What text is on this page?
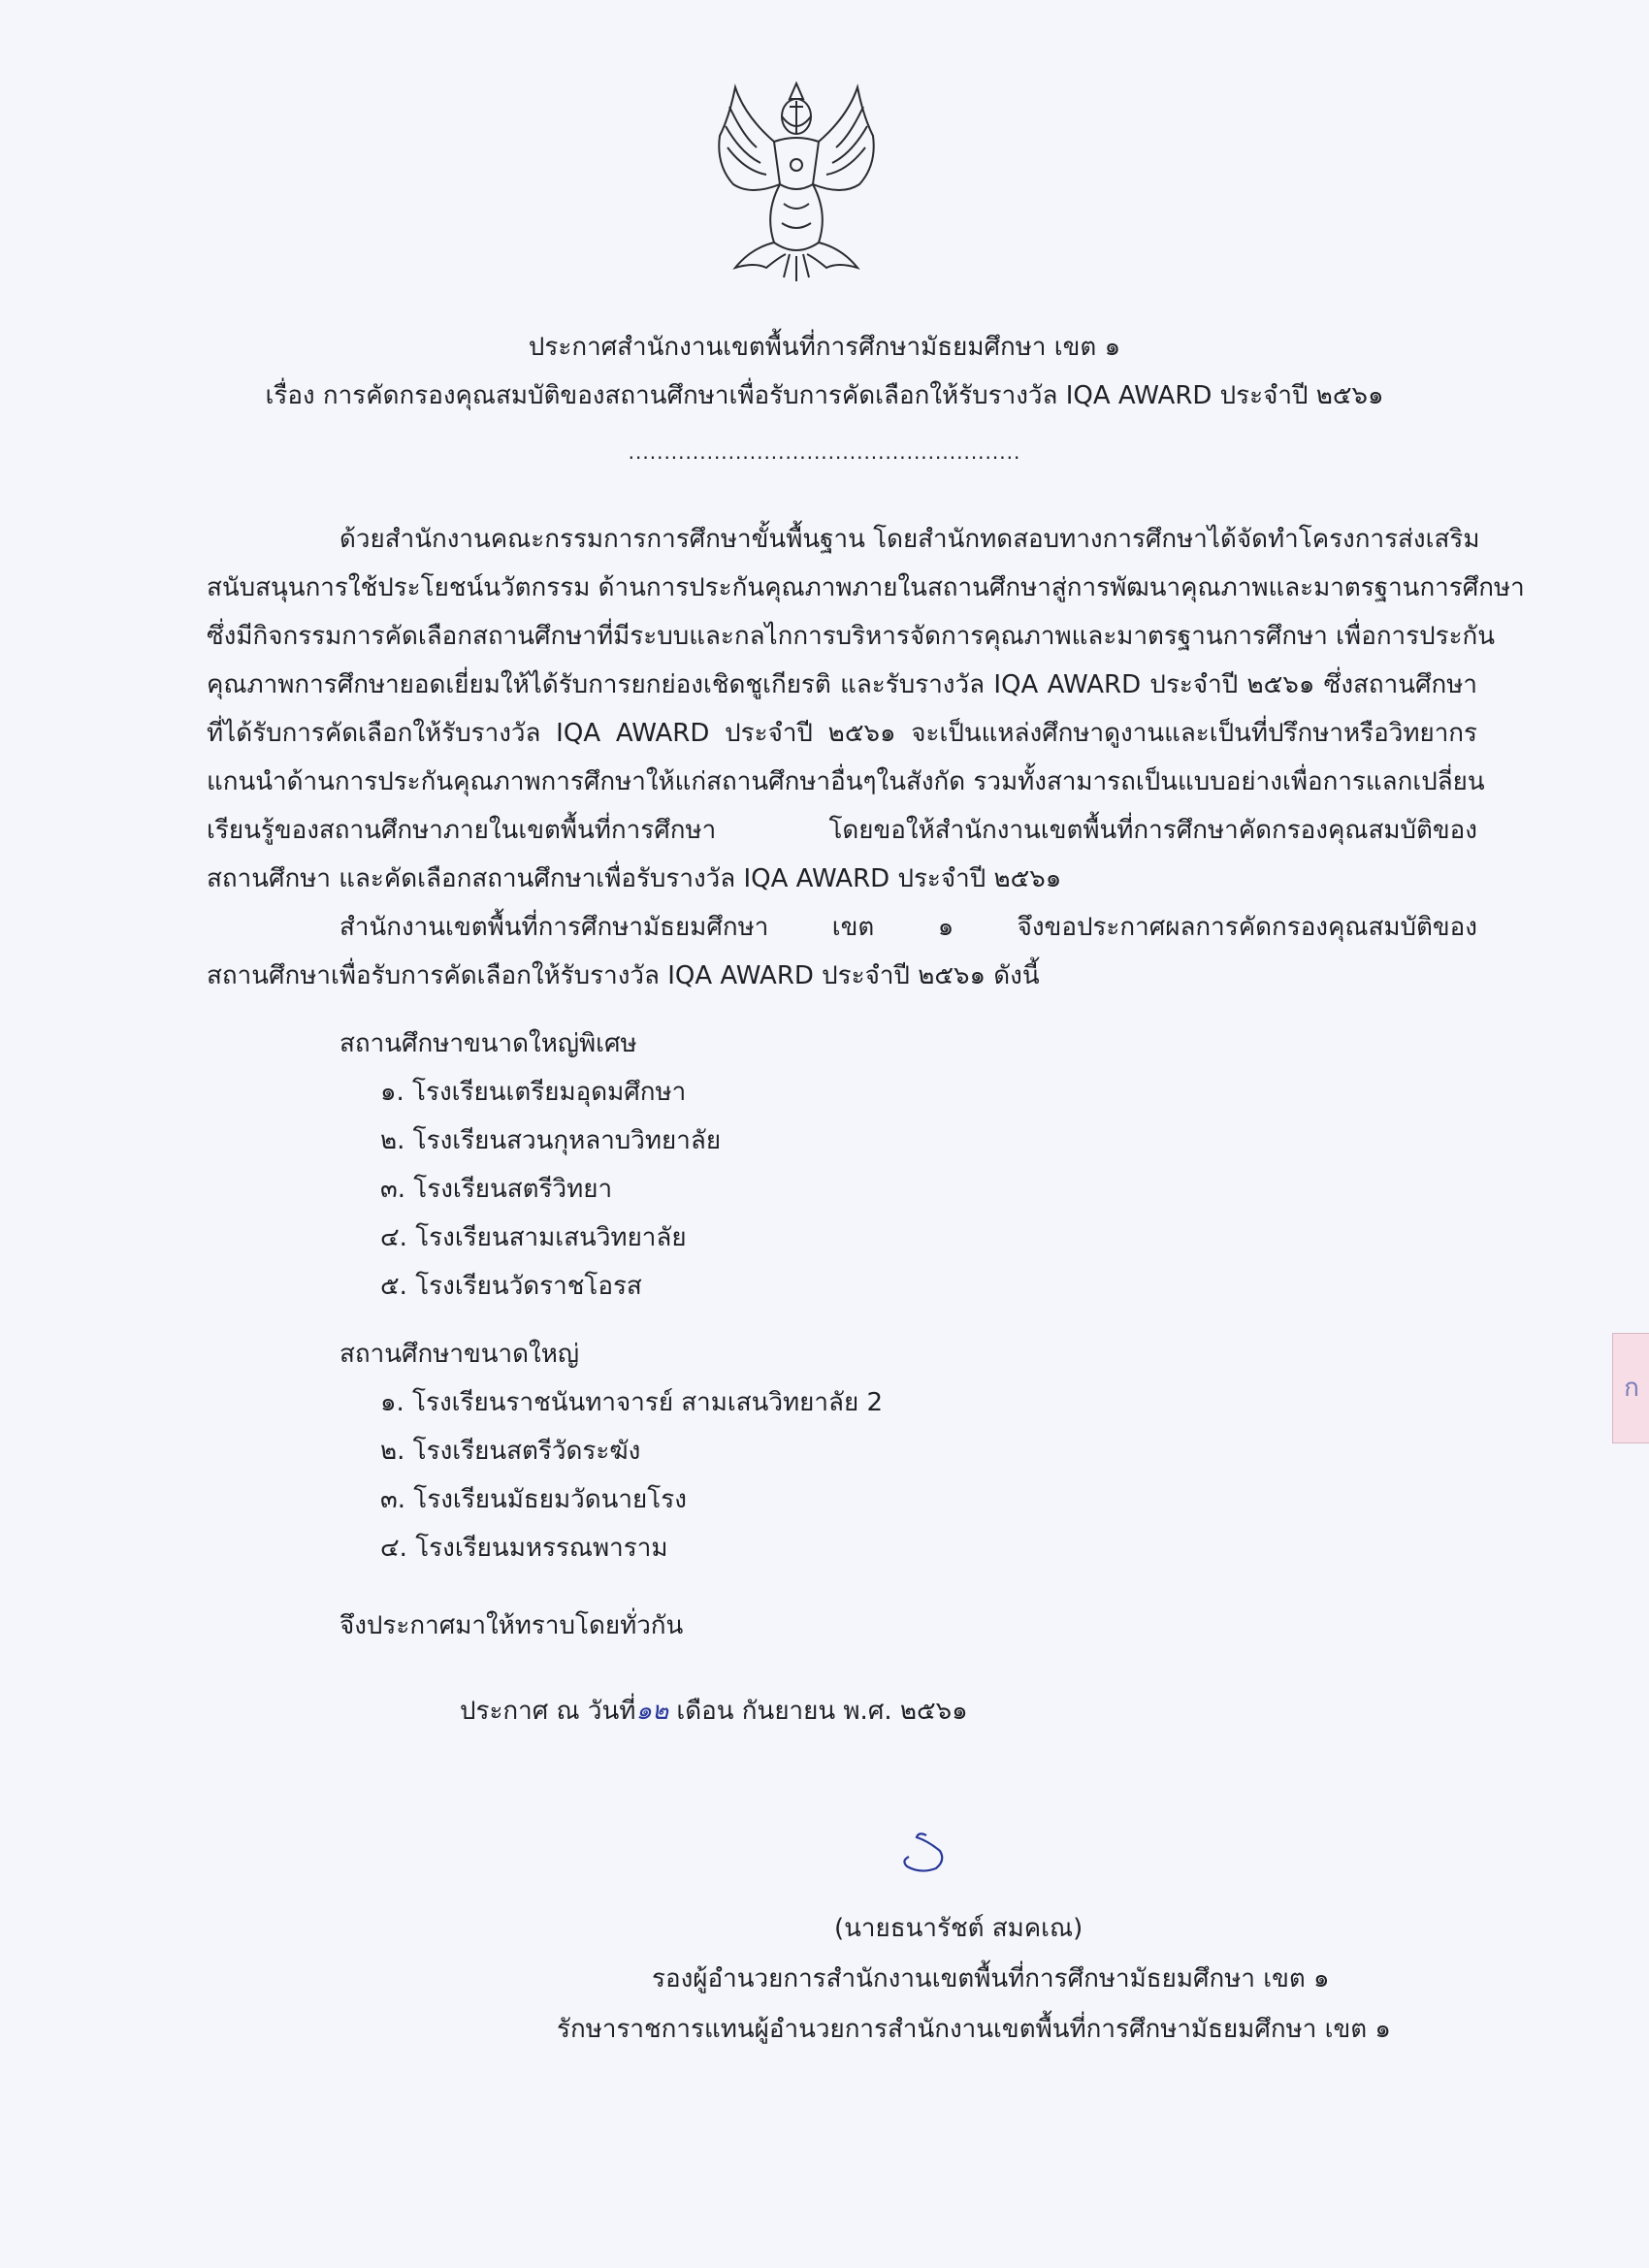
ประกาศสำนักงานเขตพื้นที่การศึกษามัธยมศึกษา เขต ๑
เรื่อง การคัดกรองคุณสมบัติของสถานศึกษาเพื่อรับการคัดเลือกให้รับรางวัล IQA AWARD ประจำปี ๒๕๖๑
.......................................................
ด้วยสำนักงานคณะกรรมการการศึกษาขั้นพื้นฐาน โดยสำนักทดสอบทางการศึกษาได้จัดทำโครงการส่งเสริม
สนับสนุนการใช้ประโยชน์นวัตกรรม ด้านการประกันคุณภาพภายในสถานศึกษาสู่การพัฒนาคุณภาพและมาตรฐานการศึกษา
ซึ่งมีกิจกรรมการคัดเลือกสถานศึกษาที่มีระบบและกลไกการบริหารจัดการคุณภาพและมาตรฐานการศึกษา เพื่อการประกัน
คุณภาพการศึกษายอดเยี่ยมให้ได้รับการยกย่องเชิดชูเกียรติ และรับรางวัล IQA AWARD ประจำปี ๒๕๖๑ ซึ่งสถานศึกษา
ที่ได้รับการคัดเลือกให้รับรางวัล IQA AWARD ประจำปี ๒๕๖๑ จะเป็นแหล่งศึกษาดูงานและเป็นที่ปรึกษาหรือวิทยากร
แกนนำด้านการประกันคุณภาพการศึกษาให้แก่สถานศึกษาอื่นๆในสังกัด รวมทั้งสามารถเป็นแบบอย่างเพื่อการแลกเปลี่ยน
เรียนรู้ของสถานศึกษาภายในเขตพื้นที่การศึกษา โดยขอให้สำนักงานเขตพื้นที่การศึกษาคัดกรองคุณสมบัติของ
สถานศึกษา และคัดเลือกสถานศึกษาเพื่อรับรางวัล IQA AWARD ประจำปี ๒๕๖๑
สำนักงานเขตพื้นที่การศึกษามัธยมศึกษา เขต ๑ จึงขอประกาศผลการคัดกรองคุณสมบัติของ
สถานศึกษาเพื่อรับการคัดเลือกให้รับรางวัล IQA AWARD ประจำปี ๒๕๖๑ ดังนี้
สถานศึกษาขนาดใหญ่พิเศษ
๑. โรงเรียนเตรียมอุดมศึกษา
๒. โรงเรียนสวนกุหลาบวิทยาลัย
๓. โรงเรียนสตรีวิทยา
๔. โรงเรียนสามเสนวิทยาลัย
๕. โรงเรียนวัดราชโอรส
สถานศึกษาขนาดใหญ่
๑. โรงเรียนราชนันทาจารย์ สามเสนวิทยาลัย 2
๒. โรงเรียนสตรีวัดระฆัง
๓. โรงเรียนมัธยมวัดนายโรง
๔. โรงเรียนมหรรณพาราม
จึงประกาศมาให้ทราบโดยทั่วกัน
ประกาศ ณ วันที่๑๒ เดือน กันยายน พ.ศ. ๒๕๖๑
(นายธนารัชต์ สมคเณ)
รองผู้อำนวยการสำนักงานเขตพื้นที่การศึกษามัธยมศึกษา เขต ๑
รักษาราชการแทนผู้อำนวยการสำนักงานเขตพื้นที่การศึกษามัธยมศึกษา เขต ๑
ก
